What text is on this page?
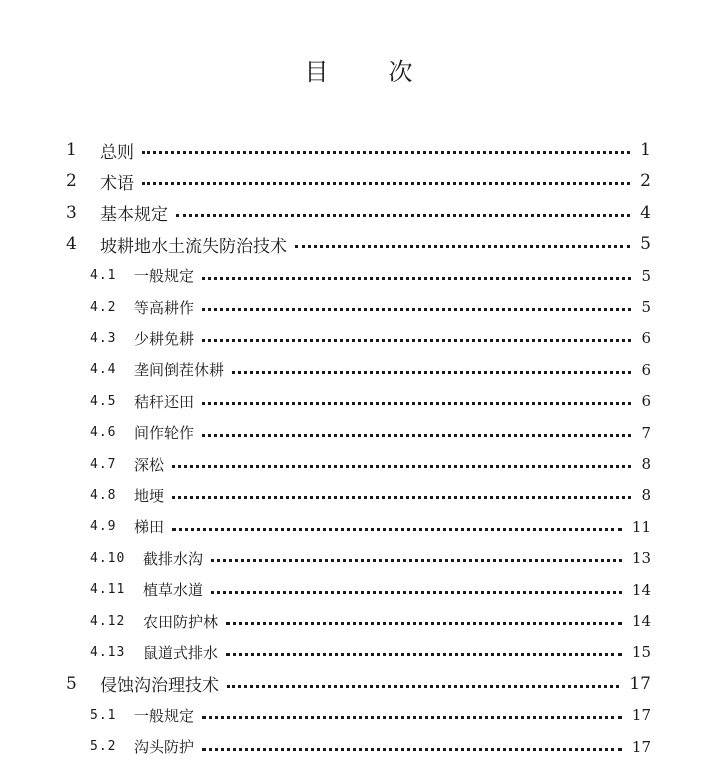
目	次
1	总则	1
2	术语	2
3	基本规定	4
4	坡耕地水土流失防治技术	5
4.1	一般规定	5
4.2	等高耕作	5
4.3	少耕免耕	6
4.4	垄间倒茬休耕	6
4.5	秸秆还田	6
4.6	间作轮作	7
4.7	深松	8
4.8	地埂	8
4.9	梯田	11
4.10	截排水沟	13
4.11	植草水道	14
4.12	农田防护林	14
4.13	鼠道式排水	15
5	侵蚀沟治理技术	17
5.1	一般规定	17
5.2	沟头防护	17
